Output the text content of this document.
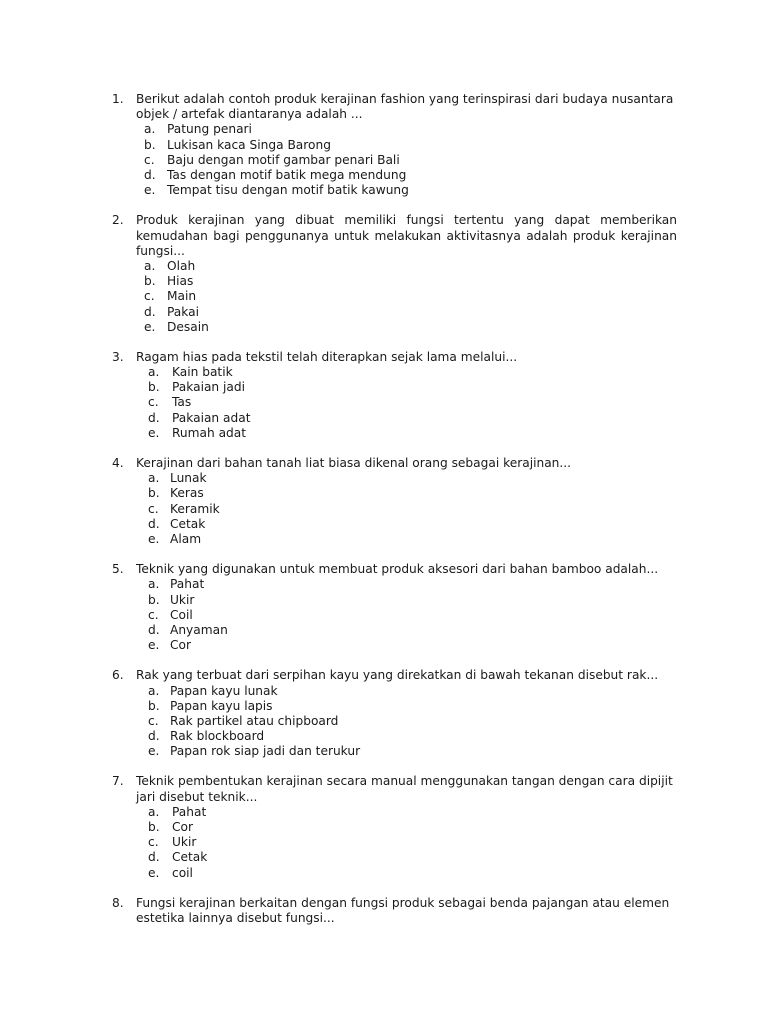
1. Berikut adalah contoh produk kerajinan fashion yang terinspirasi dari budaya nusantara objek / artefak diantaranya adalah ...
a. Patung penari
b. Lukisan kaca Singa Barong
c. Baju dengan motif gambar penari Bali
d. Tas dengan motif batik mega mendung
e. Tempat tisu dengan motif batik kawung
2. Produk kerajinan yang dibuat memiliki fungsi tertentu yang dapat memberikan kemudahan bagi penggunanya untuk melakukan aktivitasnya adalah produk kerajinan fungsi...
a. Olah
b. Hias
c. Main
d. Pakai
e. Desain
3. Ragam hias pada tekstil telah diterapkan sejak lama melalui...
a. Kain batik
b. Pakaian jadi
c. Tas
d. Pakaian adat
e. Rumah adat
4. Kerajinan dari bahan tanah liat biasa dikenal orang sebagai kerajinan...
a. Lunak
b. Keras
c. Keramik
d. Cetak
e. Alam
5. Teknik yang digunakan untuk membuat produk aksesori dari bahan bamboo adalah...
a. Pahat
b. Ukir
c. Coil
d. Anyaman
e. Cor
6. Rak yang terbuat dari serpihan kayu yang direkatkan di bawah tekanan disebut rak...
a. Papan kayu lunak
b. Papan kayu lapis
c. Rak partikel atau chipboard
d. Rak blockboard
e. Papan rok siap jadi dan terukur
7. Teknik pembentukan kerajinan secara manual menggunakan tangan dengan cara dipijit jari disebut teknik...
a. Pahat
b. Cor
c. Ukir
d. Cetak
e. coil
8. Fungsi kerajinan berkaitan dengan fungsi produk sebagai benda pajangan atau elemen estetika lainnya disebut fungsi...
